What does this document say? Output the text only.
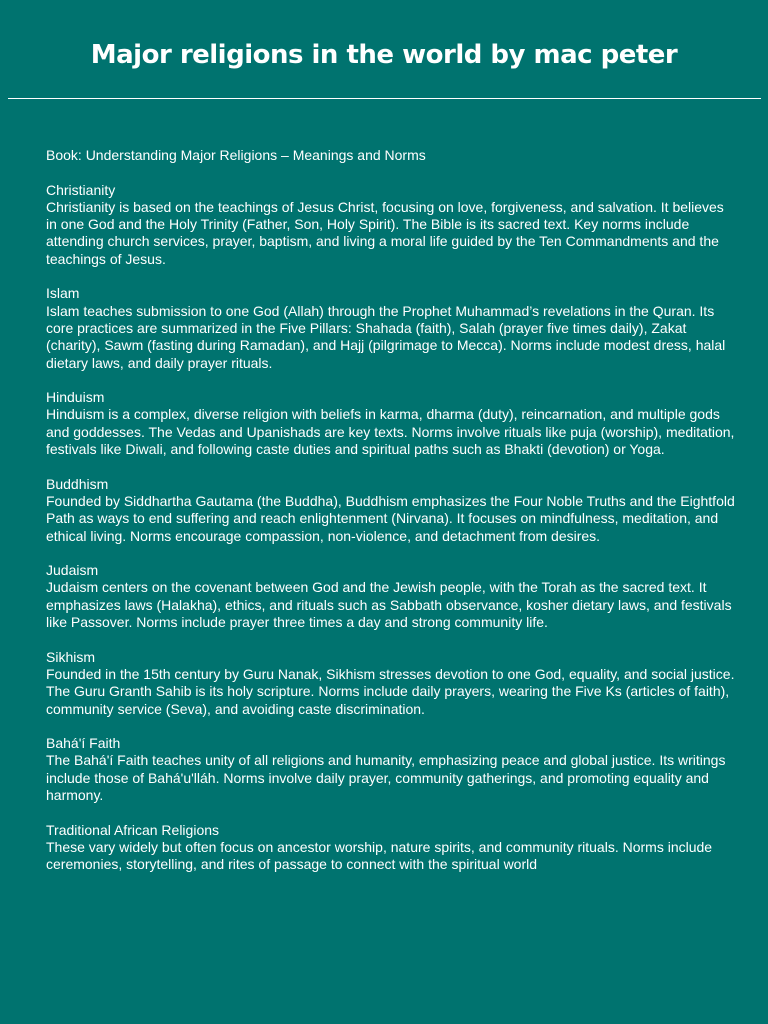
Major religions in the world by mac peter

Book: Understanding Major Religions – Meanings and Norms

Christianity

Christianity is based on the teachings of Jesus Christ, focusing on love, forgiveness, and salvation. It believes in one God and the Holy Trinity (Father, Son, Holy Spirit). The Bible is its sacred text. Key norms include attending church services, prayer, baptism, and living a moral life guided by the Ten Commandments and the teachings of Jesus.

Islam

Islam teaches submission to one God (Allah) through the Prophet Muhammad’s revelations in the Quran. Its core practices are summarized in the Five Pillars: Shahada (faith), Salah (prayer five times daily), Zakat (charity), Sawm (fasting during Ramadan), and Hajj (pilgrimage to Mecca). Norms include modest dress, halal dietary laws, and daily prayer rituals.

Hinduism

Hinduism is a complex, diverse religion with beliefs in karma, dharma (duty), reincarnation, and multiple gods and goddesses. The Vedas and Upanishads are key texts. Norms involve rituals like puja (worship), meditation, festivals like Diwali, and following caste duties and spiritual paths such as Bhakti (devotion) or Yoga.

Buddhism

Founded by Siddhartha Gautama (the Buddha), Buddhism emphasizes the Four Noble Truths and the Eightfold Path as ways to end suffering and reach enlightenment (Nirvana). It focuses on mindfulness, meditation, and ethical living. Norms encourage compassion, non-violence, and detachment from desires.

Judaism

Judaism centers on the covenant between God and the Jewish people, with the Torah as the sacred text. It emphasizes laws (Halakha), ethics, and rituals such as Sabbath observance, kosher dietary laws, and festivals like Passover. Norms include prayer three times a day and strong community life.

Sikhism

Founded in the 15th century by Guru Nanak, Sikhism stresses devotion to one God, equality, and social justice. The Guru Granth Sahib is its holy scripture. Norms include daily prayers, wearing the Five Ks (articles of faith), community service (Seva), and avoiding caste discrimination.

Bahá'í Faith

The Bahá'í Faith teaches unity of all religions and humanity, emphasizing peace and global justice. Its writings include those of Bahá'u'lláh. Norms involve daily prayer, community gatherings, and promoting equality and harmony.

Traditional African Religions

These vary widely but often focus on ancestor worship, nature spirits, and community rituals. Norms include ceremonies, storytelling, and rites of passage to connect with the spiritual world
